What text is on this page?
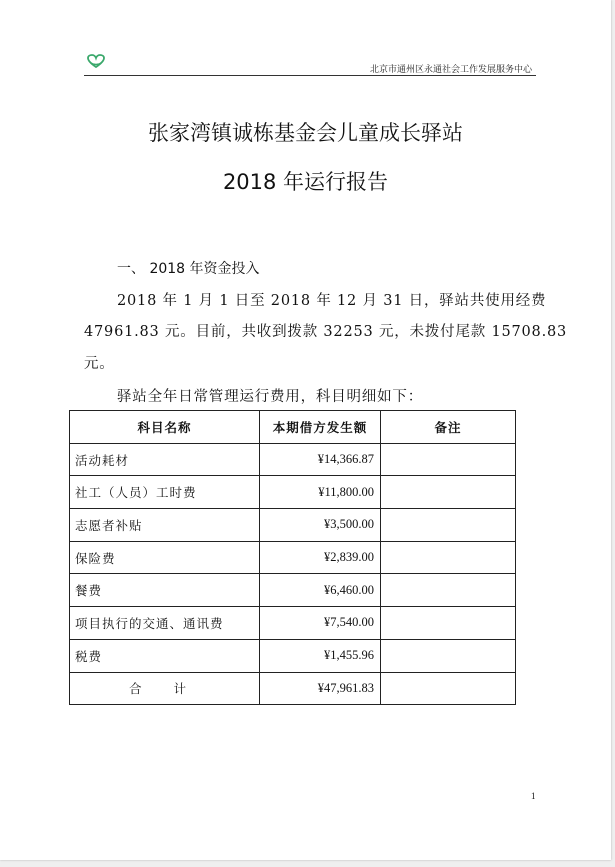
北京市通州区永通社会工作发展服务中心
张家湾镇诚栋基金会儿童成长驿站
2018 年运行报告
一、 2018 年资金投入
2018 年 1 月 1 日至 2018 年 12 月 31 日，驿站共使用经费
47961.83 元。目前，共收到拨款 32253 元，未拨付尾款 15708.83
元。
驿站全年日常管理运行费用，科目明细如下：
科目名称	本期借方发生额	备注
活动耗材	¥14,366.87	
社工（人员）工时费	¥11,800.00	
志愿者补贴	¥3,500.00	
保险费	¥2,839.00	
餐费	¥6,460.00	
项目执行的交通、通讯费	¥7,540.00	
税费	¥1,455.96	
合 计	¥47,961.83	
1
